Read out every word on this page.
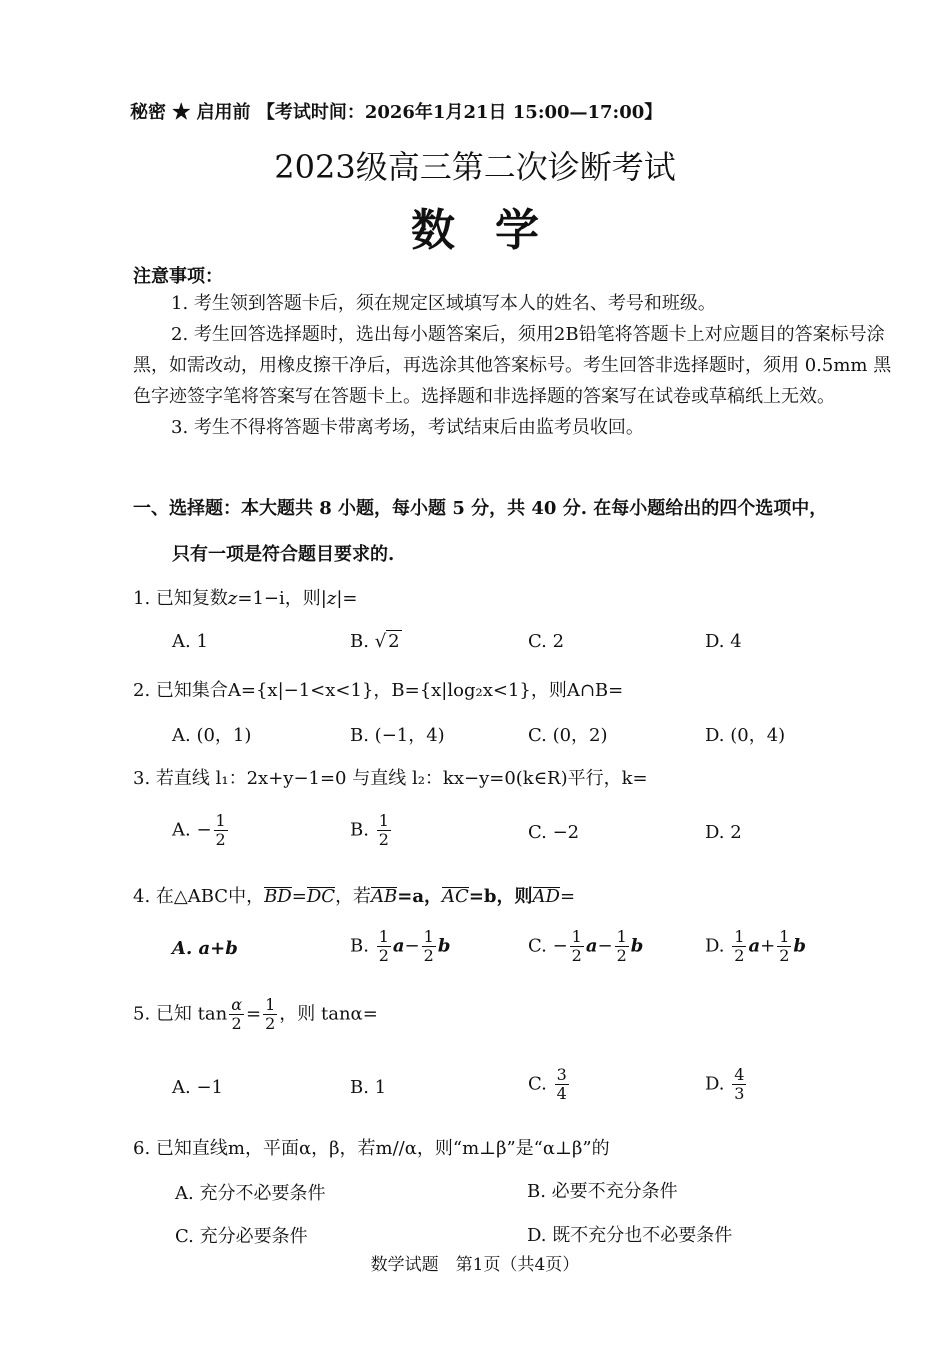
秘密 ★ 启用前 【考试时间：2026年1月21日 15:00—17:00】
2023级高三第二次诊断考试
数学
注意事项：

1. 考生领到答题卡后，须在规定区域填写本人的姓名、考号和班级。

2. 考生回答选择题时，选出每小题答案后，须用2B铅笔将答题卡上对应题目的答案标号涂黑，如需改动，用橡皮擦干净后，再选涂其他答案标号。考生回答非选择题时，须用 0.5mm 黑色字迹签字笔将答案写在答题卡上。选择题和非选择题的答案写在试卷或草稿纸上无效。

3. 考生不得将答题卡带离考场，考试结束后由监考员收回。

一、选择题：本大题共 8 小题，每小题 5 分，共 40 分. 在每小题给出的四个选项中，
只有一项是符合题目要求的.
1. 已知复数z=1−i，则|z|=
A. 1	B. √ 2	C. 2	D. 4
2. 已知集合A={x|−1<x<1}，B={x|log₂x<1}，则A∩B=
A. (0，1)	B. (−1，4)	C. (0，2)	D. (0，4)
3. 若直线 l₁：2x+y−1=0 与直线 l₂：kx−y=0(k∈R)平行，k=
A. − $\frac{1}{2}$	B. $\frac{1}{2}$	C. −2	D. 2
4. 在△ABC中，BD=DC，若AB=a，AC=b，则AD=
A. a+b	B. $\frac{1}{2} a- \frac{1}{2}$ b	C. − $\frac{1}{2} a- \frac{1}{2}$ b	D. $\frac{1}{2} a+ \frac{1}{2}$ b
5. 已知 $\tan \frac{\alpha}{2} = \frac{1}{2}$ ，则 tanα=
A. −1	B. 1	C. $\frac{3}{4}$	D. $\frac{4}{3}$
6. 已知直线m，平面α，β，若m//α，则“m⊥β”是“α⊥β”的
A. 充分不必要条件	B. 必要不充分条件
C. 充分必要条件	D. 既不充分也不必要条件
数学试题　第1页（共4页）
